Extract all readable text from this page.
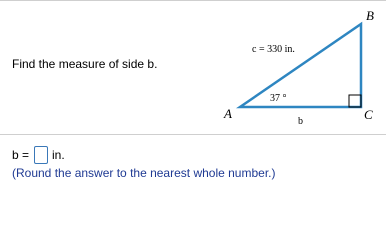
Find the measure of side b.
B
c = 330 in.
37 °
A	C
b
b = in.
(Round the answer to the nearest whole number.)
